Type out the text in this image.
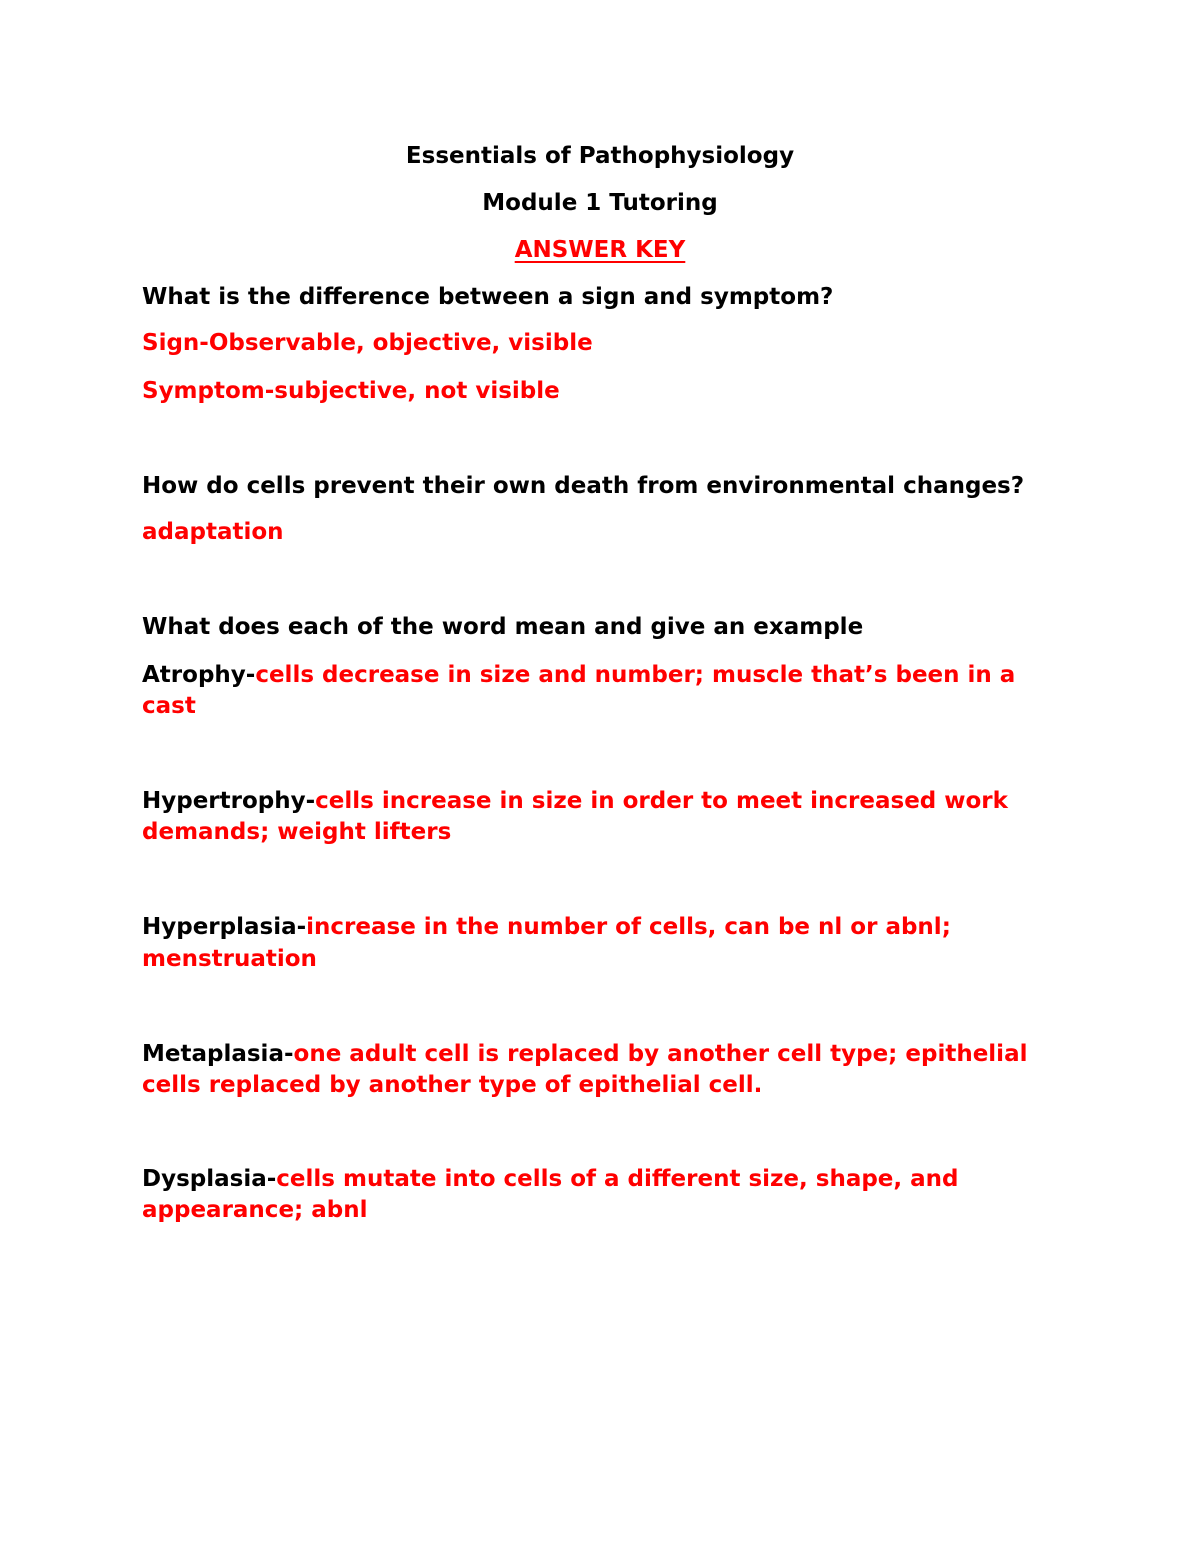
Essentials of Pathophysiology
Module 1 Tutoring
ANSWER KEY
What is the difference between a sign and symptom?
Sign-Observable, objective, visible
Symptom-subjective, not visible
How do cells prevent their own death from environmental changes?
adaptation
What does each of the word mean and give an example
Atrophy-cells decrease in size and number; muscle that’s been in a
cast
Hypertrophy-cells increase in size in order to meet increased work
demands; weight lifters
Hyperplasia-increase in the number of cells, can be nl or abnl;
menstruation
Metaplasia-one adult cell is replaced by another cell type; epithelial
cells replaced by another type of epithelial cell.
Dysplasia-cells mutate into cells of a different size, shape, and
appearance; abnl
